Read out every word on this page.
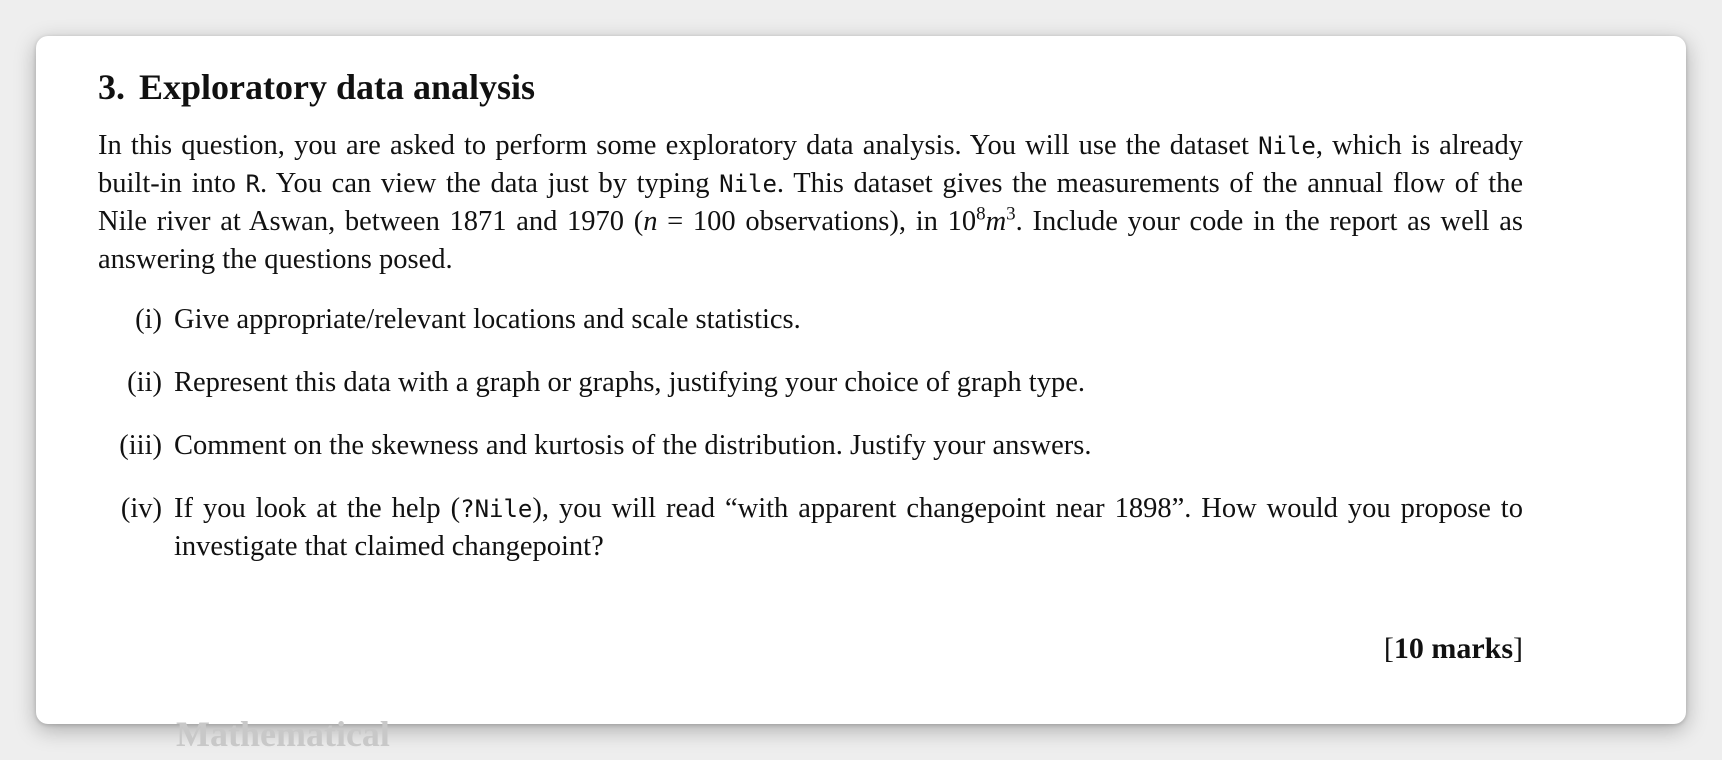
3. Exploratory data analysis

In this question, you are asked to perform some exploratory data analysis. You will use the dataset Nile, which is already built-in into R. You can view the data just by typing Nile. This dataset gives the measurements of the annual flow of the Nile river at Aswan, between 1871 and 1970 (n = 100 observations), in $10^8m^3$. Include your code in the report as well as answering the questions posed.

(i) Give appropriate/relevant locations and scale statistics.
(ii) Represent this data with a graph or graphs, justifying your choice of graph type.
(iii) Comment on the skewness and kurtosis of the distribution. Justify your answers.
(iv) If you look at the help (?Nile), you will read “with apparent changepoint near 1898”. How would you propose to investigate that claimed changepoint?
[10 marks]
Mathematical
